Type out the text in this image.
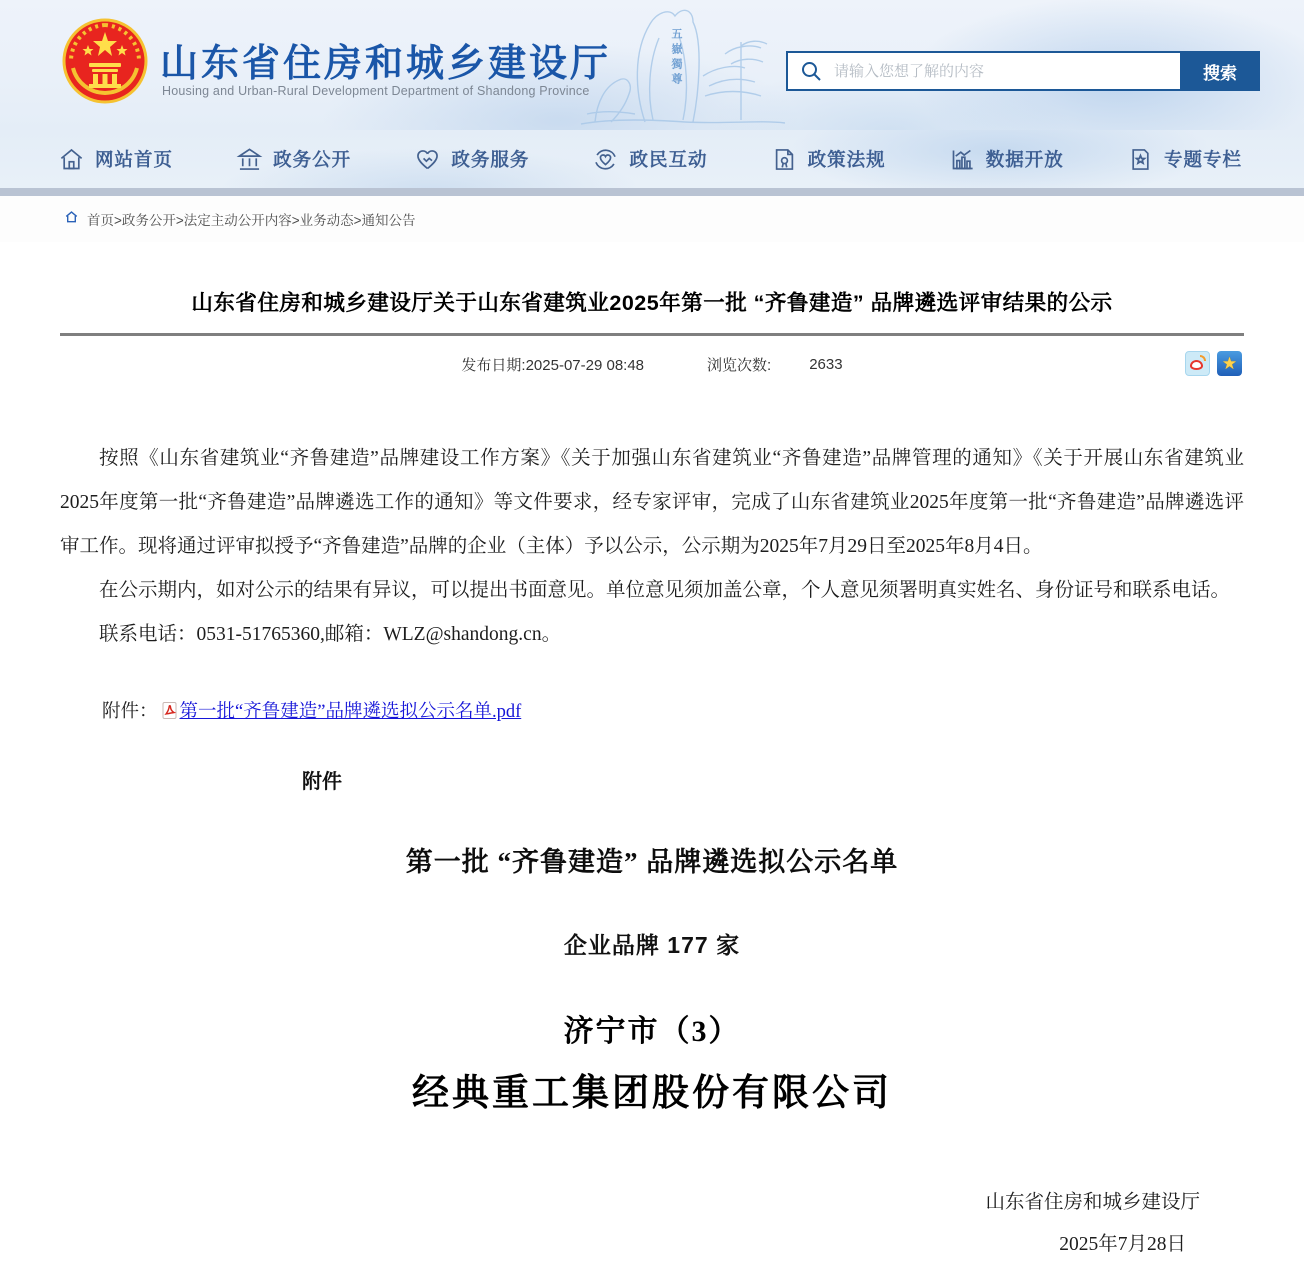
山东省住房和城乡建设厅
Housing and Urban-Rural Development Department of Shandong Province
五嶽獨尊
请输入您想了解的内容	搜索
网站首页	政务公开	政务服务	政民互动	政策法规	数据开放	专题专栏
首页>政务公开>法定主动公开内容>业务动态>通知公告
山东省住房和城乡建设厅关于山东省建筑业2025年第一批 “齐鲁建造” 品牌遴选评审结果的公示
发布日期:2025-07-29 08:48	浏览次数:	2633	★

按照《山东省建筑业“齐鲁建造”品牌建设工作方案》《关于加强山东省建筑业“齐鲁建造”品牌管理的通知》《关于开展山东省建筑业2025年度第一批“齐鲁建造”品牌遴选工作的通知》等文件要求，经专家评审，完成了山东省建筑业2025年度第一批“齐鲁建造”品牌遴选评审工作。现将通过评审拟授予“齐鲁建造”品牌的企业（主体）予以公示，公示期为2025年7月29日至2025年8月4日。

在公示期内，如对公示的结果有异议，可以提出书面意见。单位意见须加盖公章，个人意见须署明真实姓名、身份证号和联系电话。

联系电话：0531-51765360,邮箱：WLZ@shandong.cn。

附件： 第一批“齐鲁建造”品牌遴选拟公示名单.pdf
附件
第一批 “齐鲁建造” 品牌遴选拟公示名单
企业品牌 177 家
济宁市（3）
经典重工集团股份有限公司
山东省住房和城乡建设厅
2025年7月28日
